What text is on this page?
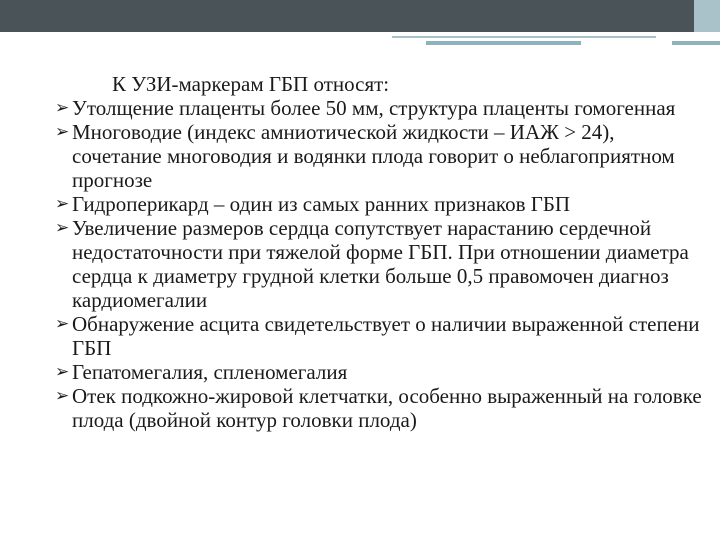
К УЗИ-маркерам ГБП относят:

➢ Утолщение плаценты более 50 мм, структура плаценты гомогенная
➢ Многоводие (индекс амниотической жидкости – ИАЖ > 24), сочетание многоводия и водянки плода говорит о неблагоприятном прогнозе
➢ Гидроперикард – один из самых ранних признаков ГБП
➢ Увеличение размеров сердца сопутствует нарастанию сердечной недостаточности при тяжелой форме ГБП. При отношении диаметра сердца к диаметру грудной клетки больше 0,5 правомочен диагноз кардиомегалии
➢ Обнаружение асцита свидетельствует о наличии выраженной степени ГБП
➢ Гепатомегалия, спленомегалия
➢ Отек подкожно-жировой клетчатки, особенно выраженный на головке плода (двойной контур головки плода)
